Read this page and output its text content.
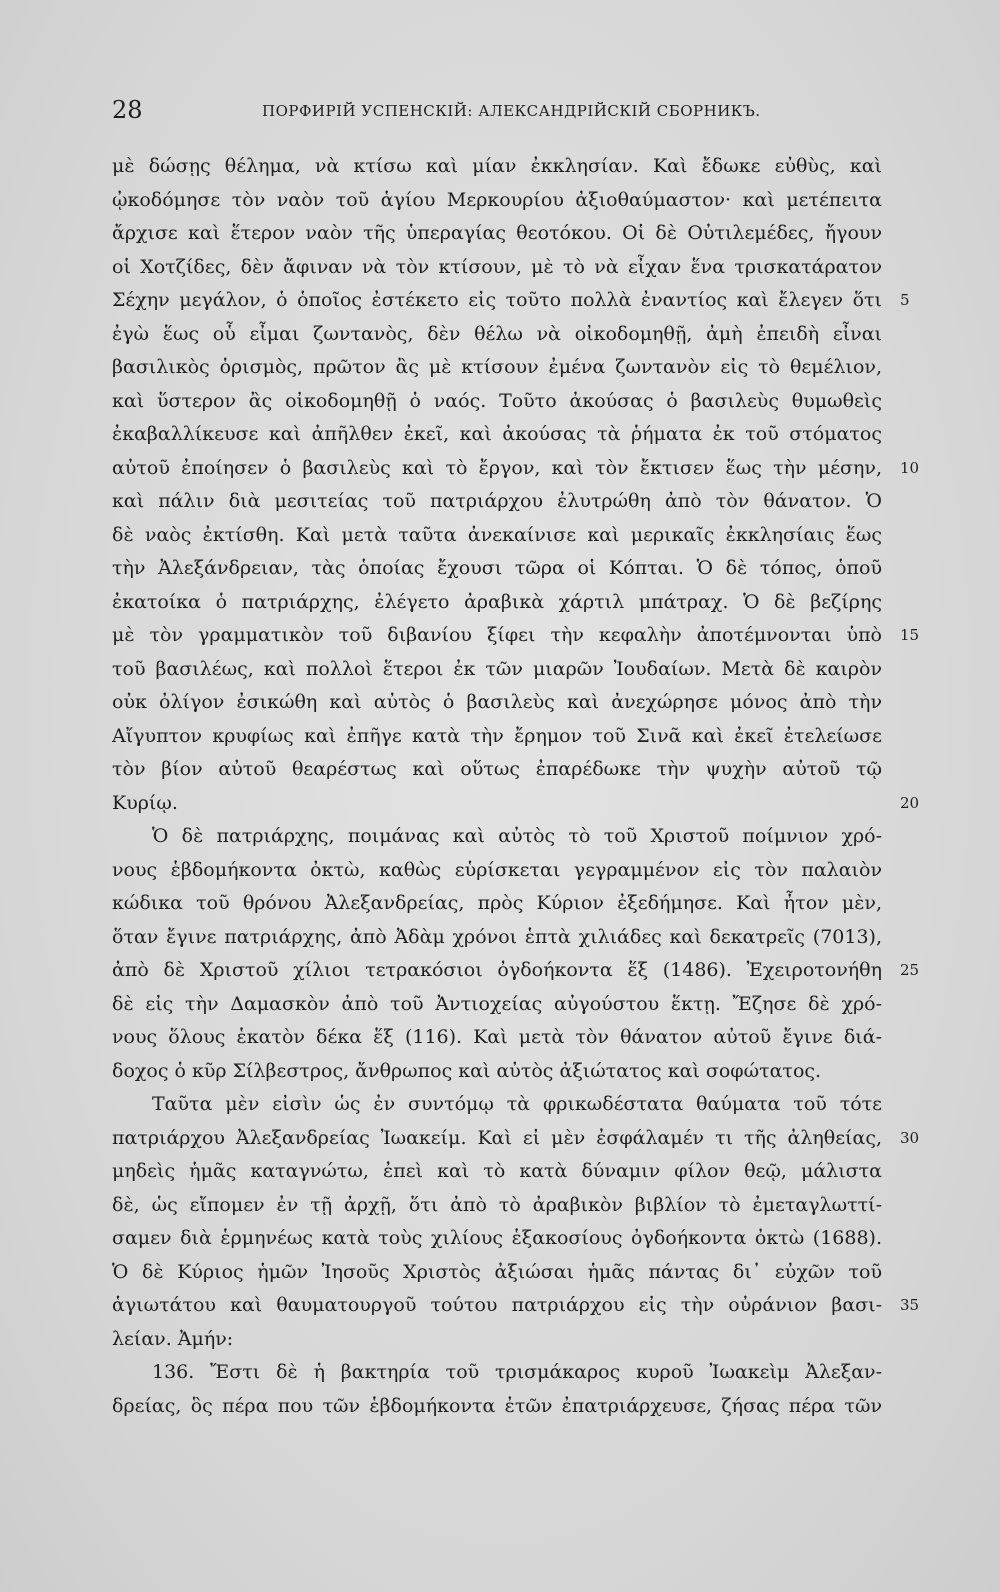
28	ПОРФИРІЙ УСПЕНСКІЙ: АЛЕКСАНДРІЙСКІЙ СБОРНИКЪ.
μὲ δώσῃς θέλημα, νὰ κτίσω καὶ μίαν ἐκκλησίαν. Καὶ ἔδωκε εὐθὺς, καὶ
ᾠκοδόμησε τὸν ναὸν τοῦ ἁγίου Μερκουρίου ἀξιοθαύμαστον· καὶ μετέπειτα
ἄρχισε καὶ ἕτερον ναὸν τῆς ὑπεραγίας θεοτόκου. Οἱ δὲ Οὐτιλεμέδες, ἤγουν
οἱ Χοτζίδες, δὲν ἄφιναν νὰ τὸν κτίσουν, μὲ τὸ νὰ εἶχαν ἕνα τρισκατάρατον
Σέχην μεγάλον, ὁ ὁποῖος ἐστέκετο εἰς τοῦτο πολλὰ ἐναντίος καὶ ἔλεγεν ὅτι
ἐγὼ ἕως οὗ εἶμαι ζωντανὸς, δὲν θέλω νὰ οἰκοδομηθῇ, ἀμὴ ἐπειδὴ εἶναι
βασιλικὸς ὁρισμὸς, πρῶτον ἂς μὲ κτίσουν ἐμένα ζωντανὸν εἰς τὸ θεμέλιον,
καὶ ὕστερον ἂς οἰκοδομηθῇ ὁ ναός. Τοῦτο ἀκούσας ὁ βασιλεὺς θυμωθεὶς
ἐκαβαλλίκευσε καὶ ἀπῆλθεν ἐκεῖ, καὶ ἀκούσας τὰ ῥήματα ἐκ τοῦ στόματος
αὐτοῦ ἐποίησεν ὁ βασιλεὺς καὶ τὸ ἔργον, καὶ τὸν ἔκτισεν ἕως τὴν μέσην,
καὶ πάλιν διὰ μεσιτείας τοῦ πατριάρχου ἐλυτρώθη ἀπὸ τὸν θάνατον. Ὁ
δὲ ναὸς ἐκτίσθη. Καὶ μετὰ ταῦτα ἀνεκαίνισε καὶ μερικαῖς ἐκκλησίαις ἕως
τὴν Ἀλεξάνδρειαν, τὰς ὁποίας ἔχουσι τῶρα οἱ Κόπται. Ὁ δὲ τόπος, ὁποῦ
ἐκατοίκα ὁ πατριάρχης, ἐλέγετο ἀραβικὰ χάρτιλ μπάτραχ. Ὁ δὲ βεζίρης
μὲ τὸν γραμματικὸν τοῦ διβανίου ξίφει τὴν κεφαλὴν ἀποτέμνονται ὑπὸ
τοῦ βασιλέως, καὶ πολλοὶ ἕτεροι ἐκ τῶν μιαρῶν Ἰουδαίων. Μετὰ δὲ καιρὸν
οὐκ ὀλίγον ἐσικώθη καὶ αὐτὸς ὁ βασιλεὺς καὶ ἀνεχώρησε μόνος ἀπὸ τὴν
Αἴγυπτον κρυφίως καὶ ἐπῆγε κατὰ τὴν ἔρημον τοῦ Σινᾶ καὶ ἐκεῖ ἐτελείωσε
τὸν βίον αὐτοῦ θεαρέστως καὶ οὕτως ἐπαρέδωκε τὴν ψυχὴν αὐτοῦ τῷ
Κυρίῳ.
Ὁ δὲ πατριάρχης, ποιμάνας καὶ αὐτὸς τὸ τοῦ Χριστοῦ ποίμνιον χρό-
νους ἑβδομήκοντα ὀκτὼ, καθὼς εὑρίσκεται γεγραμμένον εἰς τὸν παλαιὸν
κώδικα τοῦ θρόνου Ἀλεξανδρείας, πρὸς Κύριον ἐξεδήμησε. Καὶ ἦτον μὲν,
ὅταν ἔγινε πατριάρχης, ἀπὸ Ἀδὰμ χρόνοι ἑπτὰ χιλιάδες καὶ δεκατρεῖς (7013),
ἀπὸ δὲ Χριστοῦ χίλιοι τετρακόσιοι ὀγδοήκοντα ἕξ (1486). Ἐχειροτονήθη
δὲ εἰς τὴν Δαμασκὸν ἀπὸ τοῦ Ἀντιοχείας αὐγούστου ἕκτῃ. Ἔζησε δὲ χρό-
νους ὅλους ἑκατὸν δέκα ἕξ (116). Καὶ μετὰ τὸν θάνατον αὐτοῦ ἔγινε διά-
δοχος ὁ κῦρ Σίλβεστρος, ἄνθρωπος καὶ αὐτὸς ἀξιώτατος καὶ σοφώτατος.
Ταῦτα μὲν εἰσὶν ὡς ἐν συντόμῳ τὰ φρικωδέστατα θαύματα τοῦ τότε
πατριάρχου Ἀλεξανδρείας Ἰωακείμ. Καὶ εἰ μὲν ἐσφάλαμέν τι τῆς ἀληθείας,
μηδεὶς ἡμᾶς καταγνώτω, ἐπεὶ καὶ τὸ κατὰ δύναμιν φίλον θεῷ, μάλιστα
δὲ, ὡς εἴπομεν ἐν τῇ ἀρχῇ, ὅτι ἀπὸ τὸ ἀραβικὸν βιβλίον τὸ ἐμεταγλωττί-
σαμεν διὰ ἑρμηνέως κατὰ τοὺς χιλίους ἑξακοσίους ὀγδοήκοντα ὀκτὼ (1688).
Ὁ δὲ Κύριος ἡμῶν Ἰησοῦς Χριστὸς ἀξιώσαι ἡμᾶς πάντας δι᾽ εὐχῶν τοῦ
ἁγιωτάτου καὶ θαυματουργοῦ τούτου πατριάρχου εἰς τὴν οὐράνιον βασι-
λείαν. Ἀμήν:
136. Ἔστι δὲ ἡ βακτηρία τοῦ τρισμάκαρος κυροῦ Ἰωακεὶμ Ἀλεξαν-
δρείας, ὃς πέρα που τῶν ἑβδομήκοντα ἐτῶν ἐπατριάρχευσε, ζήσας πέρα τῶν
5
10
15
20
25
30
35
